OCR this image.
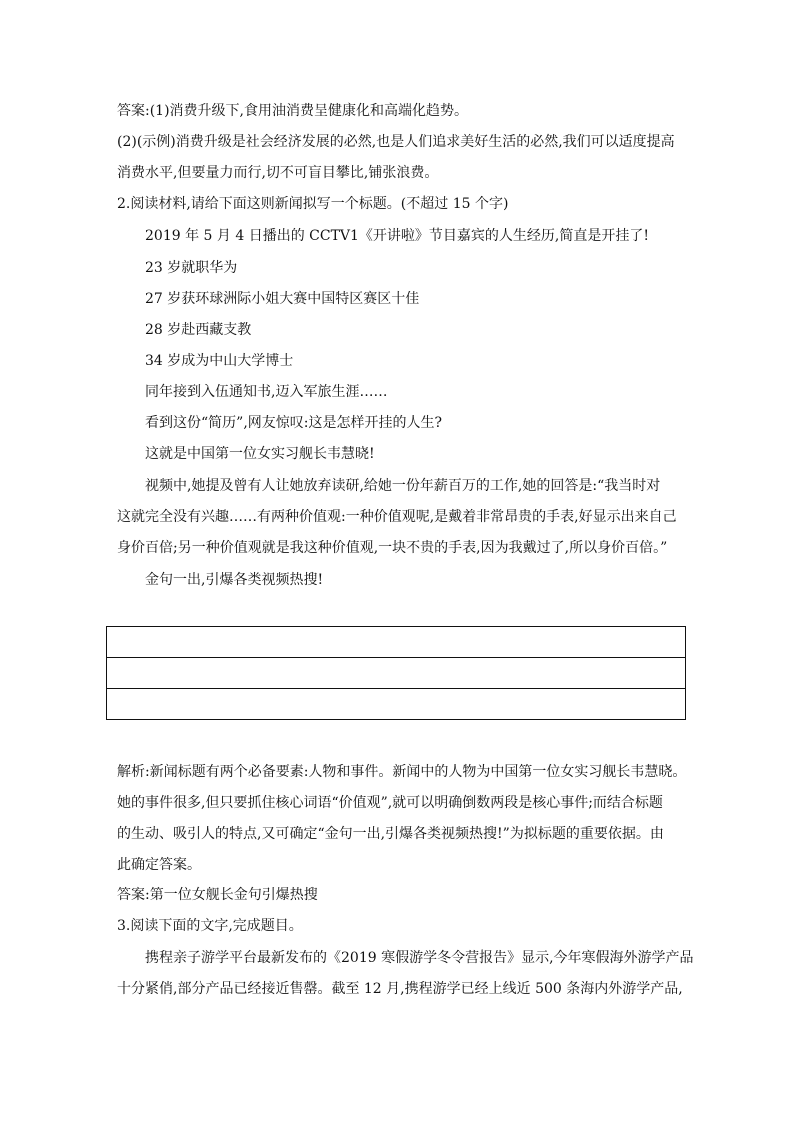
答案:(1)消费升级下,食用油消费呈健康化和高端化趋势。
(2)(示例)消费升级是社会经济发展的必然,也是人们追求美好生活的必然,我们可以适度提高
消费水平,但要量力而行,切不可盲目攀比,铺张浪费。
2.阅读材料,请给下面这则新闻拟写一个标题。(不超过 15 个字)
2019 年 5 月 4 日播出的 CCTV1《开讲啦》节目嘉宾的人生经历,简直是开挂了!
23 岁就职华为
27 岁获环球洲际小姐大赛中国特区赛区十佳
28 岁赴西藏支教
34 岁成为中山大学博士
同年接到入伍通知书,迈入军旅生涯……
看到这份“简历”,网友惊叹:这是怎样开挂的人生?
这就是中国第一位女实习舰长韦慧晓!
视频中,她提及曾有人让她放弃读研,给她一份年薪百万的工作,她的回答是:“我当时对
这就完全没有兴趣……有两种价值观:一种价值观呢,是戴着非常昂贵的手表,好显示出来自己
身价百倍;另一种价值观就是我这种价值观,一块不贵的手表,因为我戴过了,所以身价百倍。”
金句一出,引爆各类视频热搜!
解析:新闻标题有两个必备要素:人物和事件。新闻中的人物为中国第一位女实习舰长韦慧晓。
她的事件很多,但只要抓住核心词语“价值观”,就可以明确倒数两段是核心事件;而结合标题
的生动、吸引人的特点,又可确定“金句一出,引爆各类视频热搜!”为拟标题的重要依据。由
此确定答案。
答案:第一位女舰长金句引爆热搜
3.阅读下面的文字,完成题目。
携程亲子游学平台最新发布的《2019 寒假游学冬令营报告》显示,今年寒假海外游学产品
十分紧俏,部分产品已经接近售罄。截至 12 月,携程游学已经上线近 500 条海内外游学产品,
